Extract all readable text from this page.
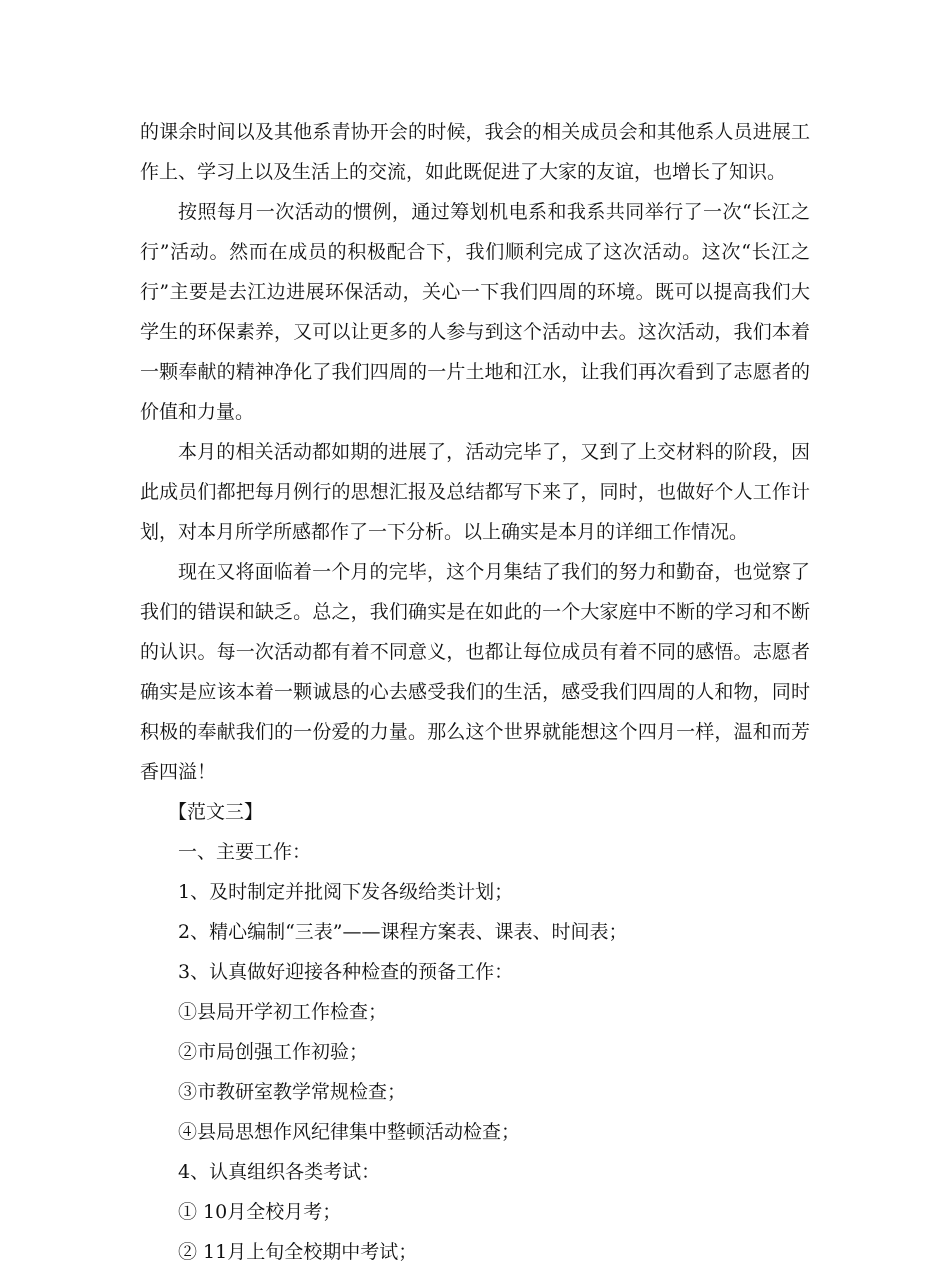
的课余时间以及其他系青协开会的时候，我会的相关成员会和其他系人员进展工作上、学习上以及生活上的交流，如此既促进了大家的友谊，也增长了知识。

按照每月一次活动的惯例，通过筹划机电系和我系共同举行了一次“长江之行”活动。然而在成员的积极配合下，我们顺利完成了这次活动。这次“长江之行”主要是去江边进展环保活动，关心一下我们四周的环境。既可以提高我们大学生的环保素养，又可以让更多的人参与到这个活动中去。这次活动，我们本着一颗奉献的精神净化了我们四周的一片土地和江水，让我们再次看到了志愿者的价值和力量。

本月的相关活动都如期的进展了，活动完毕了，又到了上交材料的阶段，因此成员们都把每月例行的思想汇报及总结都写下来了，同时，也做好个人工作计划，对本月所学所感都作了一下分析。以上确实是本月的详细工作情况。

现在又将面临着一个月的完毕，这个月集结了我们的努力和勤奋，也觉察了我们的错误和缺乏。总之，我们确实是在如此的一个大家庭中不断的学习和不断的认识。每一次活动都有着不同意义，也都让每位成员有着不同的感悟。志愿者确实是应该本着一颗诚恳的心去感受我们的生活，感受我们四周的人和物，同时积极的奉献我们的一份爱的力量。那么这个世界就能想这个四月一样，温和而芳香四溢！

【范文三】

一、主要工作：

1、及时制定并批阅下发各级给类计划；

2、精心编制“三表”——课程方案表、课表、时间表；

3、认真做好迎接各种检查的预备工作：

①县局开学初工作检查；

②市局创强工作初验；

③市教研室教学常规检查；

④县局思想作风纪律集中整顿活动检查；

4、认真组织各类考试：

① 10月全校月考；

② 11月上旬全校期中考试；
